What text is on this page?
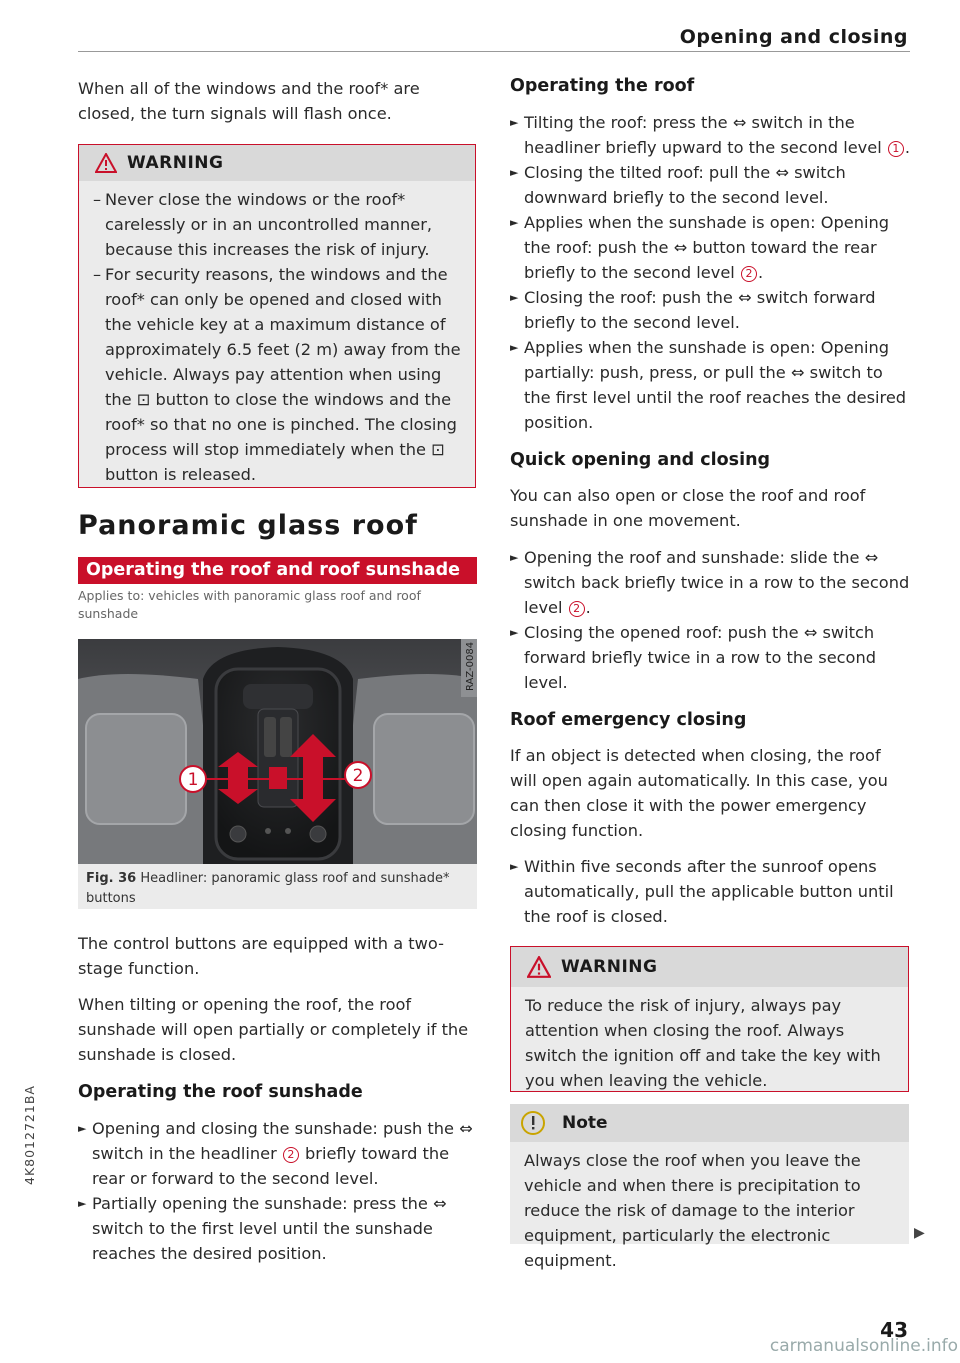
Opening and closing

When all of the windows and the roof* are closed, the turn signals will flash once.

WARNING
– Never close the windows or the roof* carelessly or in an uncontrolled manner, because this increases the risk of injury.
– For security reasons, the windows and the roof* can only be opened and closed with the vehicle key at a maximum distance of approximately 6.5 feet (2 m) away from the vehicle. Always pay attention when using the ⊡ button to close the windows and the roof* so that no one is pinched. The closing process will stop immediately when the ⊡ button is released.
Panoramic glass roof
Operating the roof and roof sunshade
Applies to: vehicles with panoramic glass roof and roof sunshade
1	2
RAZ-0084
Fig. 36 Headliner: panoramic glass roof and sunshade* buttons

The control buttons are equipped with a two-stage function.

When tilting or opening the roof, the roof sunshade will open partially or completely if the sunshade is closed.

Operating the roof sunshade
► Opening and closing the sunshade: push the ⇔ switch in the headliner 2 briefly toward the rear or forward to the second level.
► Partially opening the sunshade: press the ⇔ switch to the first level until the sunshade reaches the desired position.
Operating the roof
► Tilting the roof: press the ⇔ switch in the headliner briefly upward to the second level 1 .
► Closing the tilted roof: pull the ⇔ switch downward briefly to the second level.
► Applies when the sunshade is open: Opening the roof: push the ⇔ button toward the rear briefly to the second level 2 .
► Closing the roof: push the ⇔ switch forward briefly to the second level.
► Applies when the sunshade is open: Opening partially: push, press, or pull the ⇔ switch to the first level until the roof reaches the desired position.
Quick opening and closing

You can also open or close the roof and roof sunshade in one movement.

► Opening the roof and sunshade: slide the ⇔ switch back briefly twice in a row to the second level 2 .
► Closing the opened roof: push the ⇔ switch forward briefly twice in a row to the second level.
Roof emergency closing

If an object is detected when closing, the roof will open again automatically. In this case, you can then close it with the power emergency closing function.

► Within five seconds after the sunroof opens automatically, pull the applicable button until the roof is closed.
WARNING

To reduce the risk of injury, always pay attention when closing the roof. Always switch the ignition off and take the key with you when leaving the vehicle.

Note

Always close the roof when you leave the vehicle and when there is precipitation to reduce the risk of damage to the interior equipment, particularly the electronic equipment.

▶
4K8012721BA
43
carmanualsonline.info
